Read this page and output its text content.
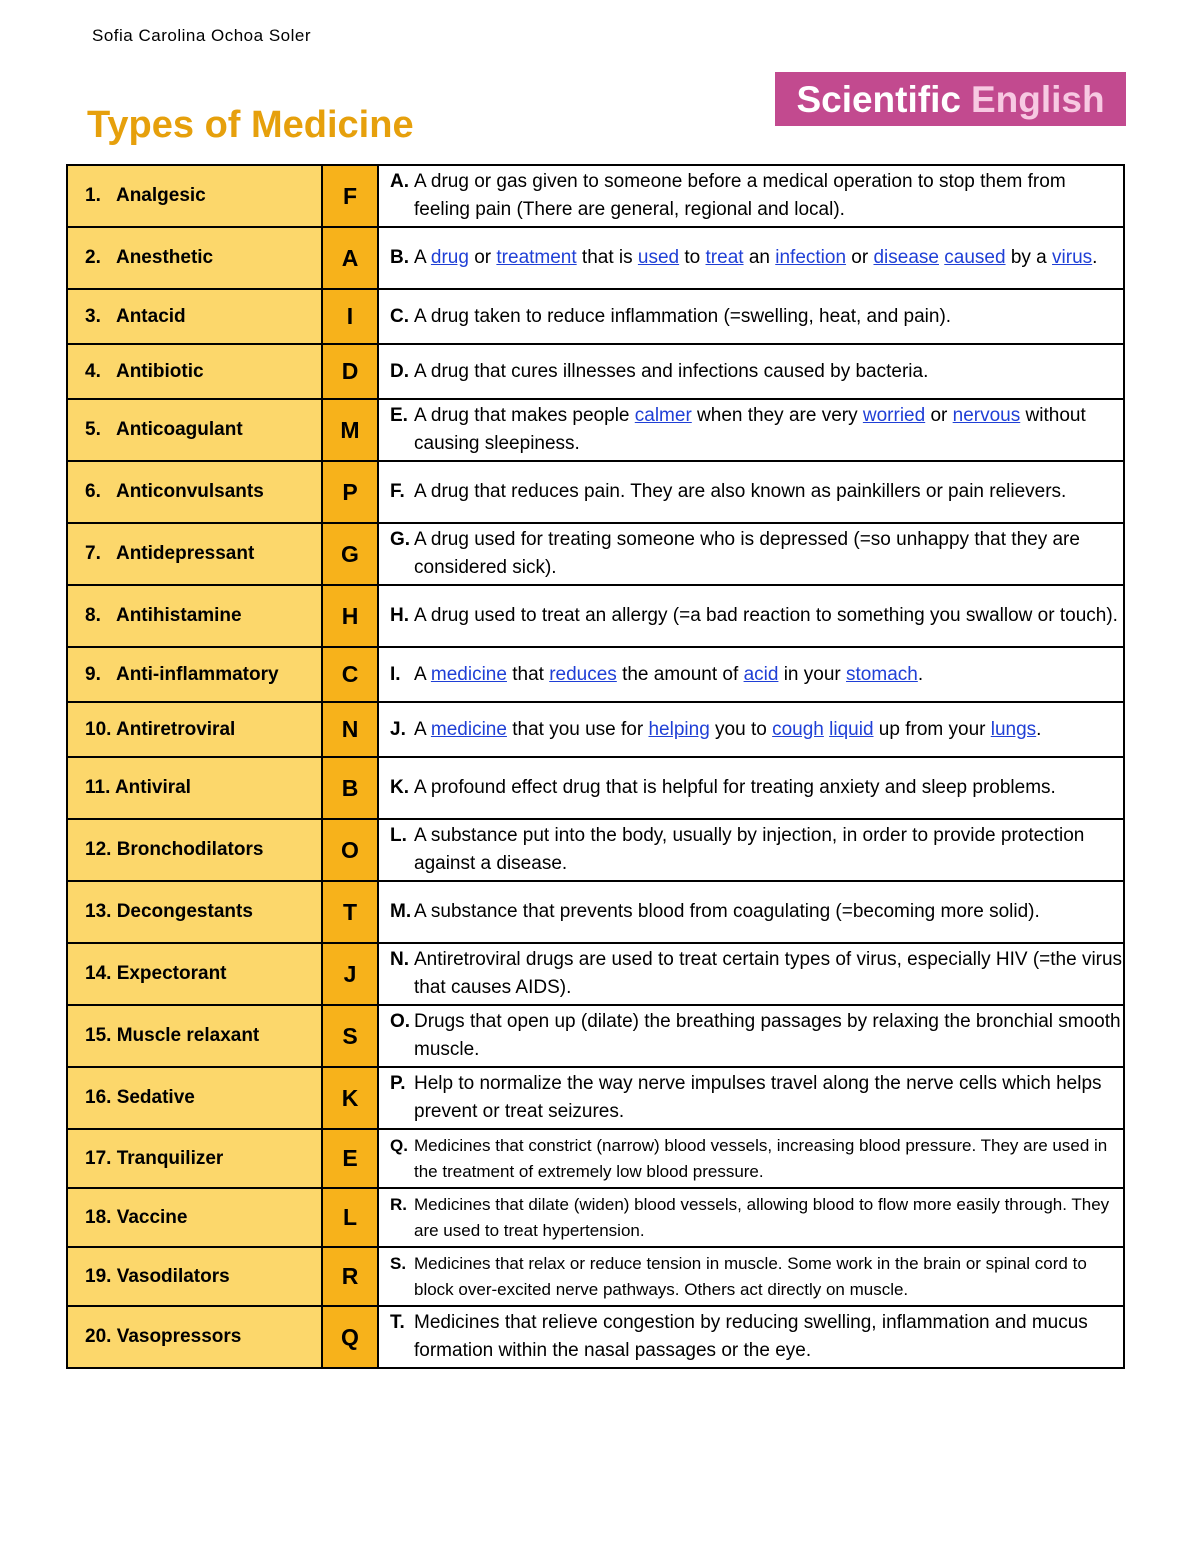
Sofia Carolina Ochoa Soler
Types of Medicine
Scientific English
1.   Analgesic	F	A. A drug or gas given to someone before a medical operation to stop them from feeling pain (There are general, regional and local).

2.   Anesthetic	A	B. A drug or treatment that is used to treat an infection or disease caused by a virus.

3.   Antacid	I	C. A drug taken to reduce inflammation (=swelling, heat, and pain).

4.   Antibiotic	D	D. A drug that cures illnesses and infections caused by bacteria.

5.   Anticoagulant	M	E. A drug that makes people calmer when they are very worried or nervous without causing sleepiness.

6.   Anticonvulsants	P	F. A drug that reduces pain. They are also known as painkillers or pain relievers.

7.   Antidepressant	G	G. A drug used for treating someone who is depressed (=so unhappy that they are considered sick).

8.   Antihistamine	H	H. A drug used to treat an allergy (=a bad reaction to something you swallow or touch).

9.   Anti-inflammatory	C	I. A medicine that reduces the amount of acid in your stomach.

10. Antiretroviral	N	J. A medicine that you use for helping you to cough liquid up from your lungs.

11. Antiviral	B	K. A profound effect drug that is helpful for treating anxiety and sleep problems.

12. Bronchodilators	O	L. A substance put into the body, usually by injection, in order to provide protection against a disease.

13. Decongestants	T	M. A substance that prevents blood from coagulating (=becoming more solid).

14. Expectorant	J	N. Antiretroviral drugs are used to treat certain types of virus, especially HIV (=the virus that causes AIDS).

15. Muscle relaxant	S	O. Drugs that open up (dilate) the breathing passages by relaxing the bronchial smooth muscle.

16. Sedative	K	P. Help to normalize the way nerve impulses travel along the nerve cells which helps prevent or treat seizures.

17. Tranquilizer	E	Q. Medicines that constrict (narrow) blood vessels, increasing blood pressure. They are used in the treatment of extremely low blood pressure.

18. Vaccine	L	R. Medicines that dilate (widen) blood vessels, allowing blood to flow more easily through. They are used to treat hypertension.

19. Vasodilators	R	S. Medicines that relax or reduce tension in muscle. Some work in the brain or spinal cord to block over-excited nerve pathways. Others act directly on muscle.

20. Vasopressors	Q	T. Medicines that relieve congestion by reducing swelling, inflammation and mucus formation within the nasal passages or the eye.
